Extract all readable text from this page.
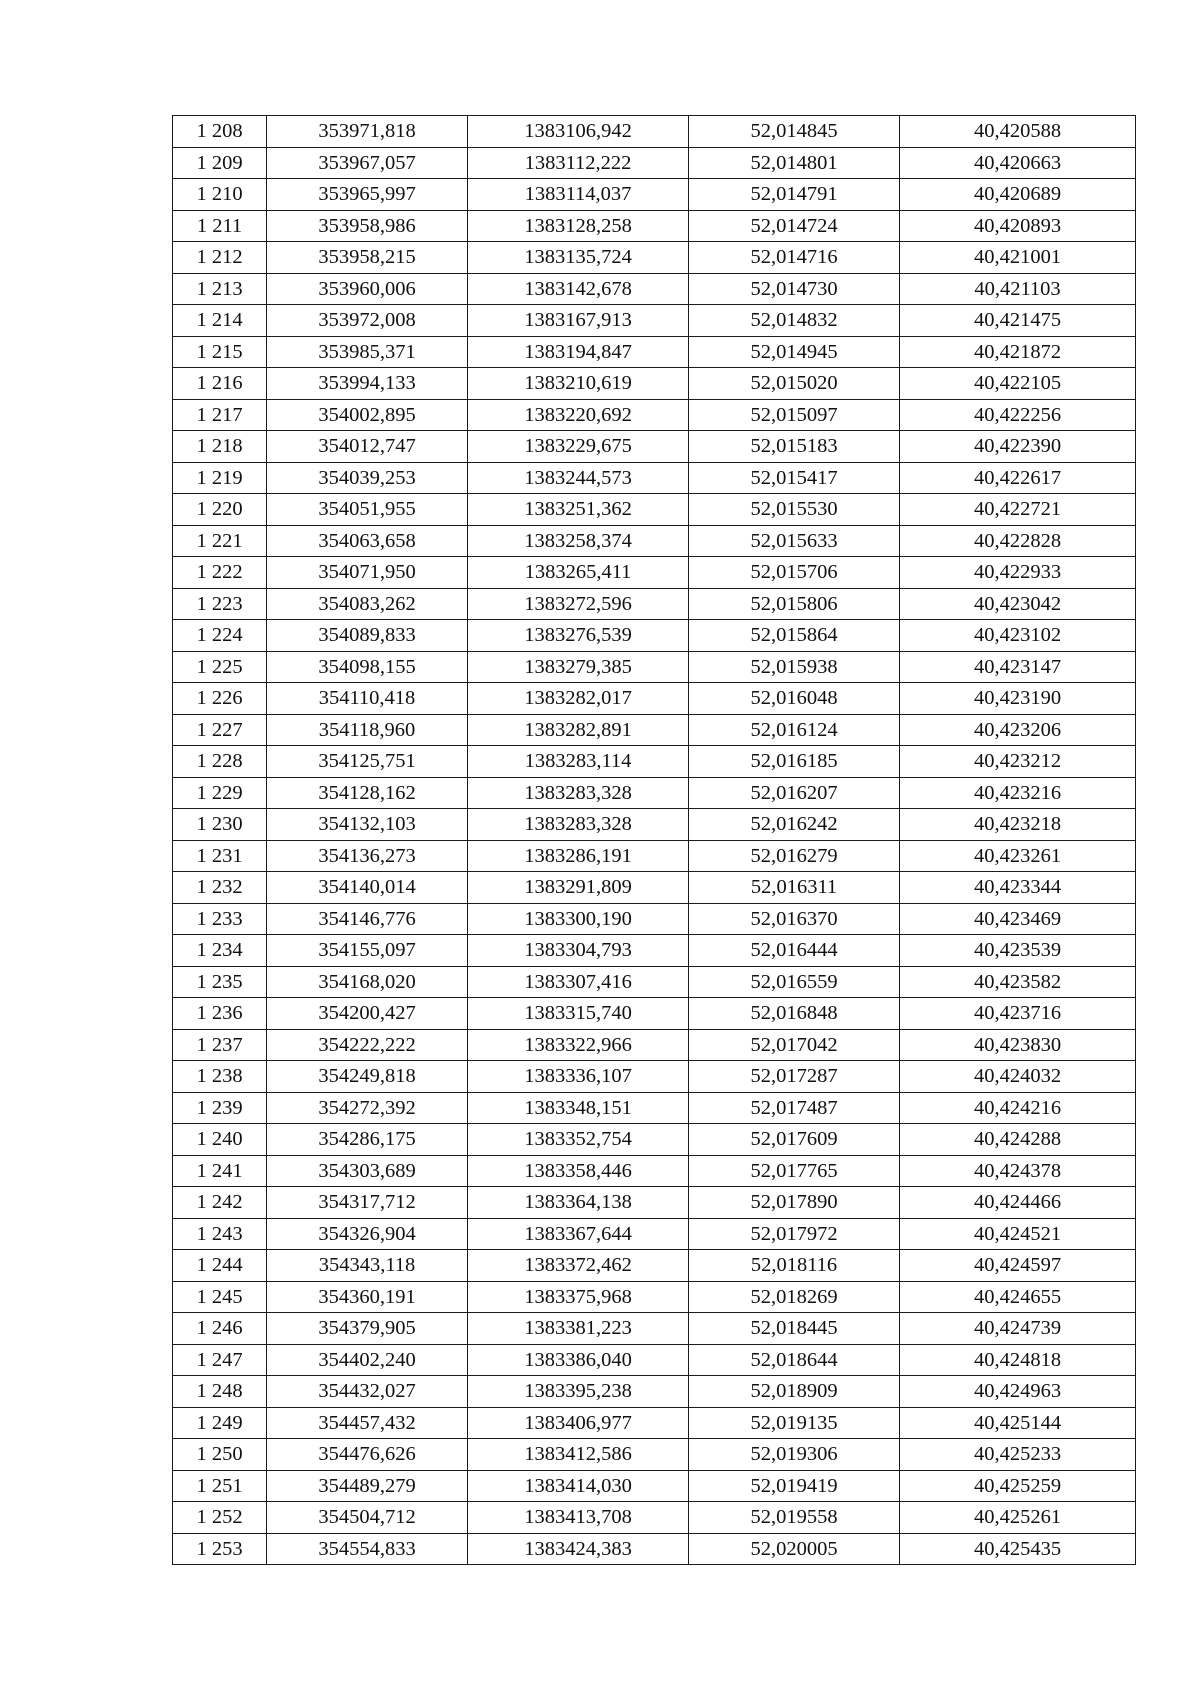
1 208	353971,818	1383106,942	52,014845	40,420588
1 209	353967,057	1383112,222	52,014801	40,420663
1 210	353965,997	1383114,037	52,014791	40,420689
1 211	353958,986	1383128,258	52,014724	40,420893
1 212	353958,215	1383135,724	52,014716	40,421001
1 213	353960,006	1383142,678	52,014730	40,421103
1 214	353972,008	1383167,913	52,014832	40,421475
1 215	353985,371	1383194,847	52,014945	40,421872
1 216	353994,133	1383210,619	52,015020	40,422105
1 217	354002,895	1383220,692	52,015097	40,422256
1 218	354012,747	1383229,675	52,015183	40,422390
1 219	354039,253	1383244,573	52,015417	40,422617
1 220	354051,955	1383251,362	52,015530	40,422721
1 221	354063,658	1383258,374	52,015633	40,422828
1 222	354071,950	1383265,411	52,015706	40,422933
1 223	354083,262	1383272,596	52,015806	40,423042
1 224	354089,833	1383276,539	52,015864	40,423102
1 225	354098,155	1383279,385	52,015938	40,423147
1 226	354110,418	1383282,017	52,016048	40,423190
1 227	354118,960	1383282,891	52,016124	40,423206
1 228	354125,751	1383283,114	52,016185	40,423212
1 229	354128,162	1383283,328	52,016207	40,423216
1 230	354132,103	1383283,328	52,016242	40,423218
1 231	354136,273	1383286,191	52,016279	40,423261
1 232	354140,014	1383291,809	52,016311	40,423344
1 233	354146,776	1383300,190	52,016370	40,423469
1 234	354155,097	1383304,793	52,016444	40,423539
1 235	354168,020	1383307,416	52,016559	40,423582
1 236	354200,427	1383315,740	52,016848	40,423716
1 237	354222,222	1383322,966	52,017042	40,423830
1 238	354249,818	1383336,107	52,017287	40,424032
1 239	354272,392	1383348,151	52,017487	40,424216
1 240	354286,175	1383352,754	52,017609	40,424288
1 241	354303,689	1383358,446	52,017765	40,424378
1 242	354317,712	1383364,138	52,017890	40,424466
1 243	354326,904	1383367,644	52,017972	40,424521
1 244	354343,118	1383372,462	52,018116	40,424597
1 245	354360,191	1383375,968	52,018269	40,424655
1 246	354379,905	1383381,223	52,018445	40,424739
1 247	354402,240	1383386,040	52,018644	40,424818
1 248	354432,027	1383395,238	52,018909	40,424963
1 249	354457,432	1383406,977	52,019135	40,425144
1 250	354476,626	1383412,586	52,019306	40,425233
1 251	354489,279	1383414,030	52,019419	40,425259
1 252	354504,712	1383413,708	52,019558	40,425261
1 253	354554,833	1383424,383	52,020005	40,425435
